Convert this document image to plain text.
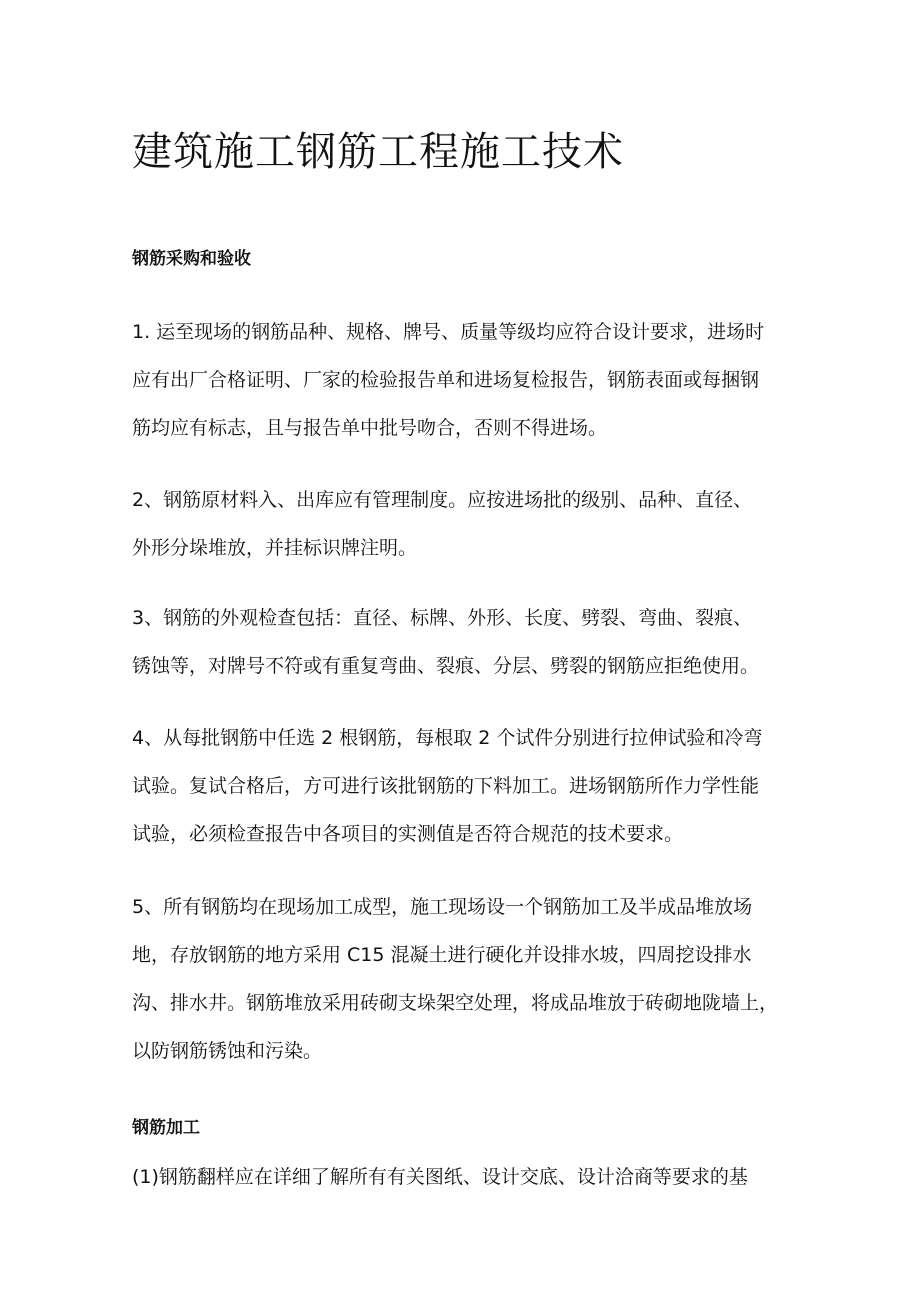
建筑施工钢筋工程施工技术
钢筋采购和验收
1. 运至现场的钢筋品种、规格、牌号、质量等级均应符合设计要求，进场时
应有出厂合格证明、厂家的检验报告单和进场复检报告，钢筋表面或每捆钢
筋均应有标志，且与报告单中批号吻合，否则不得进场。
2、钢筋原材料入、出库应有管理制度。应按进场批的级别、品种、直径、
外形分垛堆放，并挂标识牌注明。
3、钢筋的外观检查包括：直径、标牌、外形、长度、劈裂、弯曲、裂痕、
锈蚀等，对牌号不符或有重复弯曲、裂痕、分层、劈裂的钢筋应拒绝使用。
4、从每批钢筋中任选 2 根钢筋，每根取 2 个试件分别进行拉伸试验和冷弯
试验。复试合格后，方可进行该批钢筋的下料加工。进场钢筋所作力学性能
试验，必须检查报告中各项目的实测值是否符合规范的技术要求。
5、所有钢筋均在现场加工成型，施工现场设一个钢筋加工及半成品堆放场
地，存放钢筋的地方采用 C15 混凝土进行硬化并设排水坡，四周挖设排水
沟、排水井。钢筋堆放采用砖砌支垛架空处理，将成品堆放于砖砌地陇墙上，
以防钢筋锈蚀和污染。
钢筋加工
(1)钢筋翻样应在详细了解所有有关图纸、设计交底、设计洽商等要求的基
